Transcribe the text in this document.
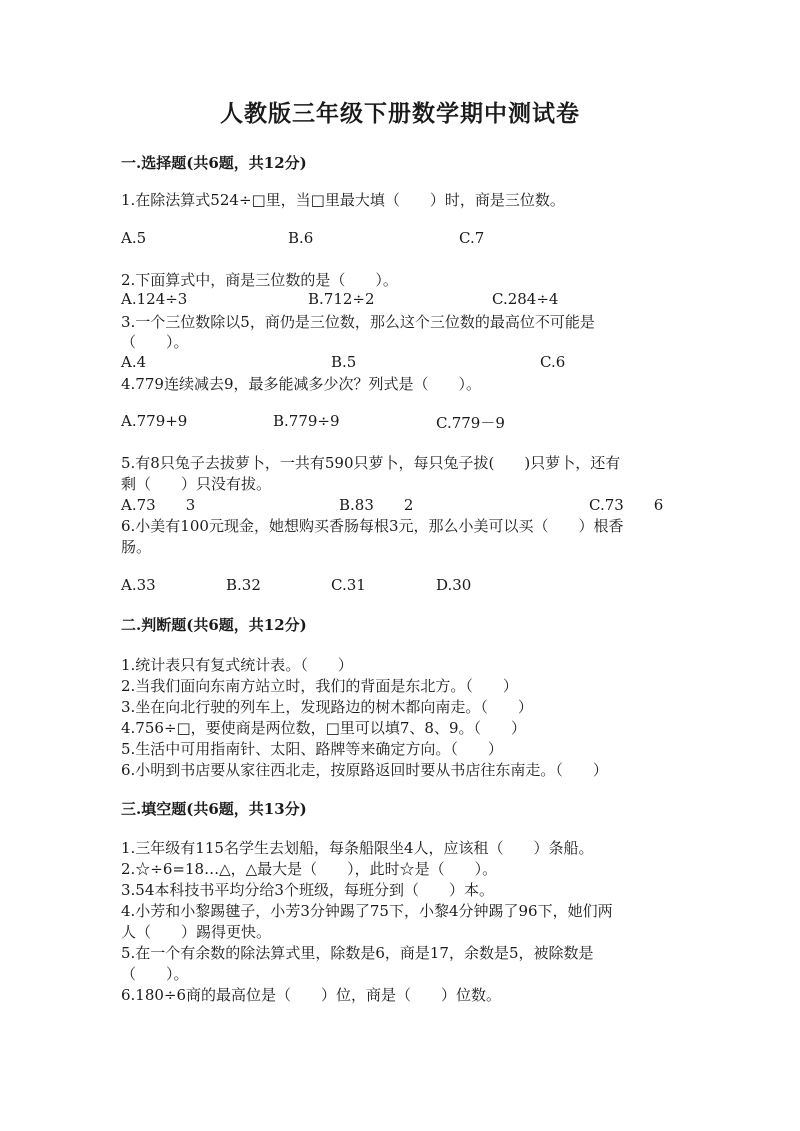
人教版三年级下册数学期中测试卷
一.选择题(共6题，共12分)
1.在除法算式524÷□里，当□里最大填（　　）时，商是三位数。
A.5	B.6	C.7
2.下面算式中，商是三位数的是（　　）。
A.124÷3	B.712÷2	C.284÷4
3.一个三位数除以5，商仍是三位数，那么这个三位数的最高位不可能是
（　　）。
A.4	B.5	C.6
4.779连续减去9，最多能减多少次？列式是（　　）。
A.779+9	B.779÷9	C.779－9
5.有8只兔子去拔萝卜，一共有590只萝卜，每只兔子拔(　　)只萝卜，还有
剩（　　）只没有拔。
A.73　　3	B.83　　2	C.73　　6
6.小美有100元现金，她想购买香肠每根3元，那么小美可以买（　　）根香
肠。
A.33	B.32	C.31	D.30
二.判断题(共6题，共12分)
1.统计表只有复式统计表。（　　）
2.当我们面向东南方站立时，我们的背面是东北方。（　　）
3.坐在向北行驶的列车上，发现路边的树木都向南走。（　　）
4.756÷□，要使商是两位数，□里可以填7、8、9。（　　）
5.生活中可用指南针、太阳、路牌等来确定方向。（　　）
6.小明到书店要从家往西北走，按原路返回时要从书店往东南走。（　　）
三.填空题(共6题，共13分)
1.三年级有115名学生去划船，每条船限坐4人，应该租（　　）条船。
2.☆÷6=18…△，△最大是（　　），此时☆是（　　）。
3.54本科技书平均分给3个班级，每班分到（　　）本。
4.小芳和小黎踢毽子，小芳3分钟踢了75下，小黎4分钟踢了96下，她们两
人（　　）踢得更快。
5.在一个有余数的除法算式里，除数是6，商是17，余数是5，被除数是
（　　）。
6.180÷6商的最高位是（　　）位，商是（　　）位数。
